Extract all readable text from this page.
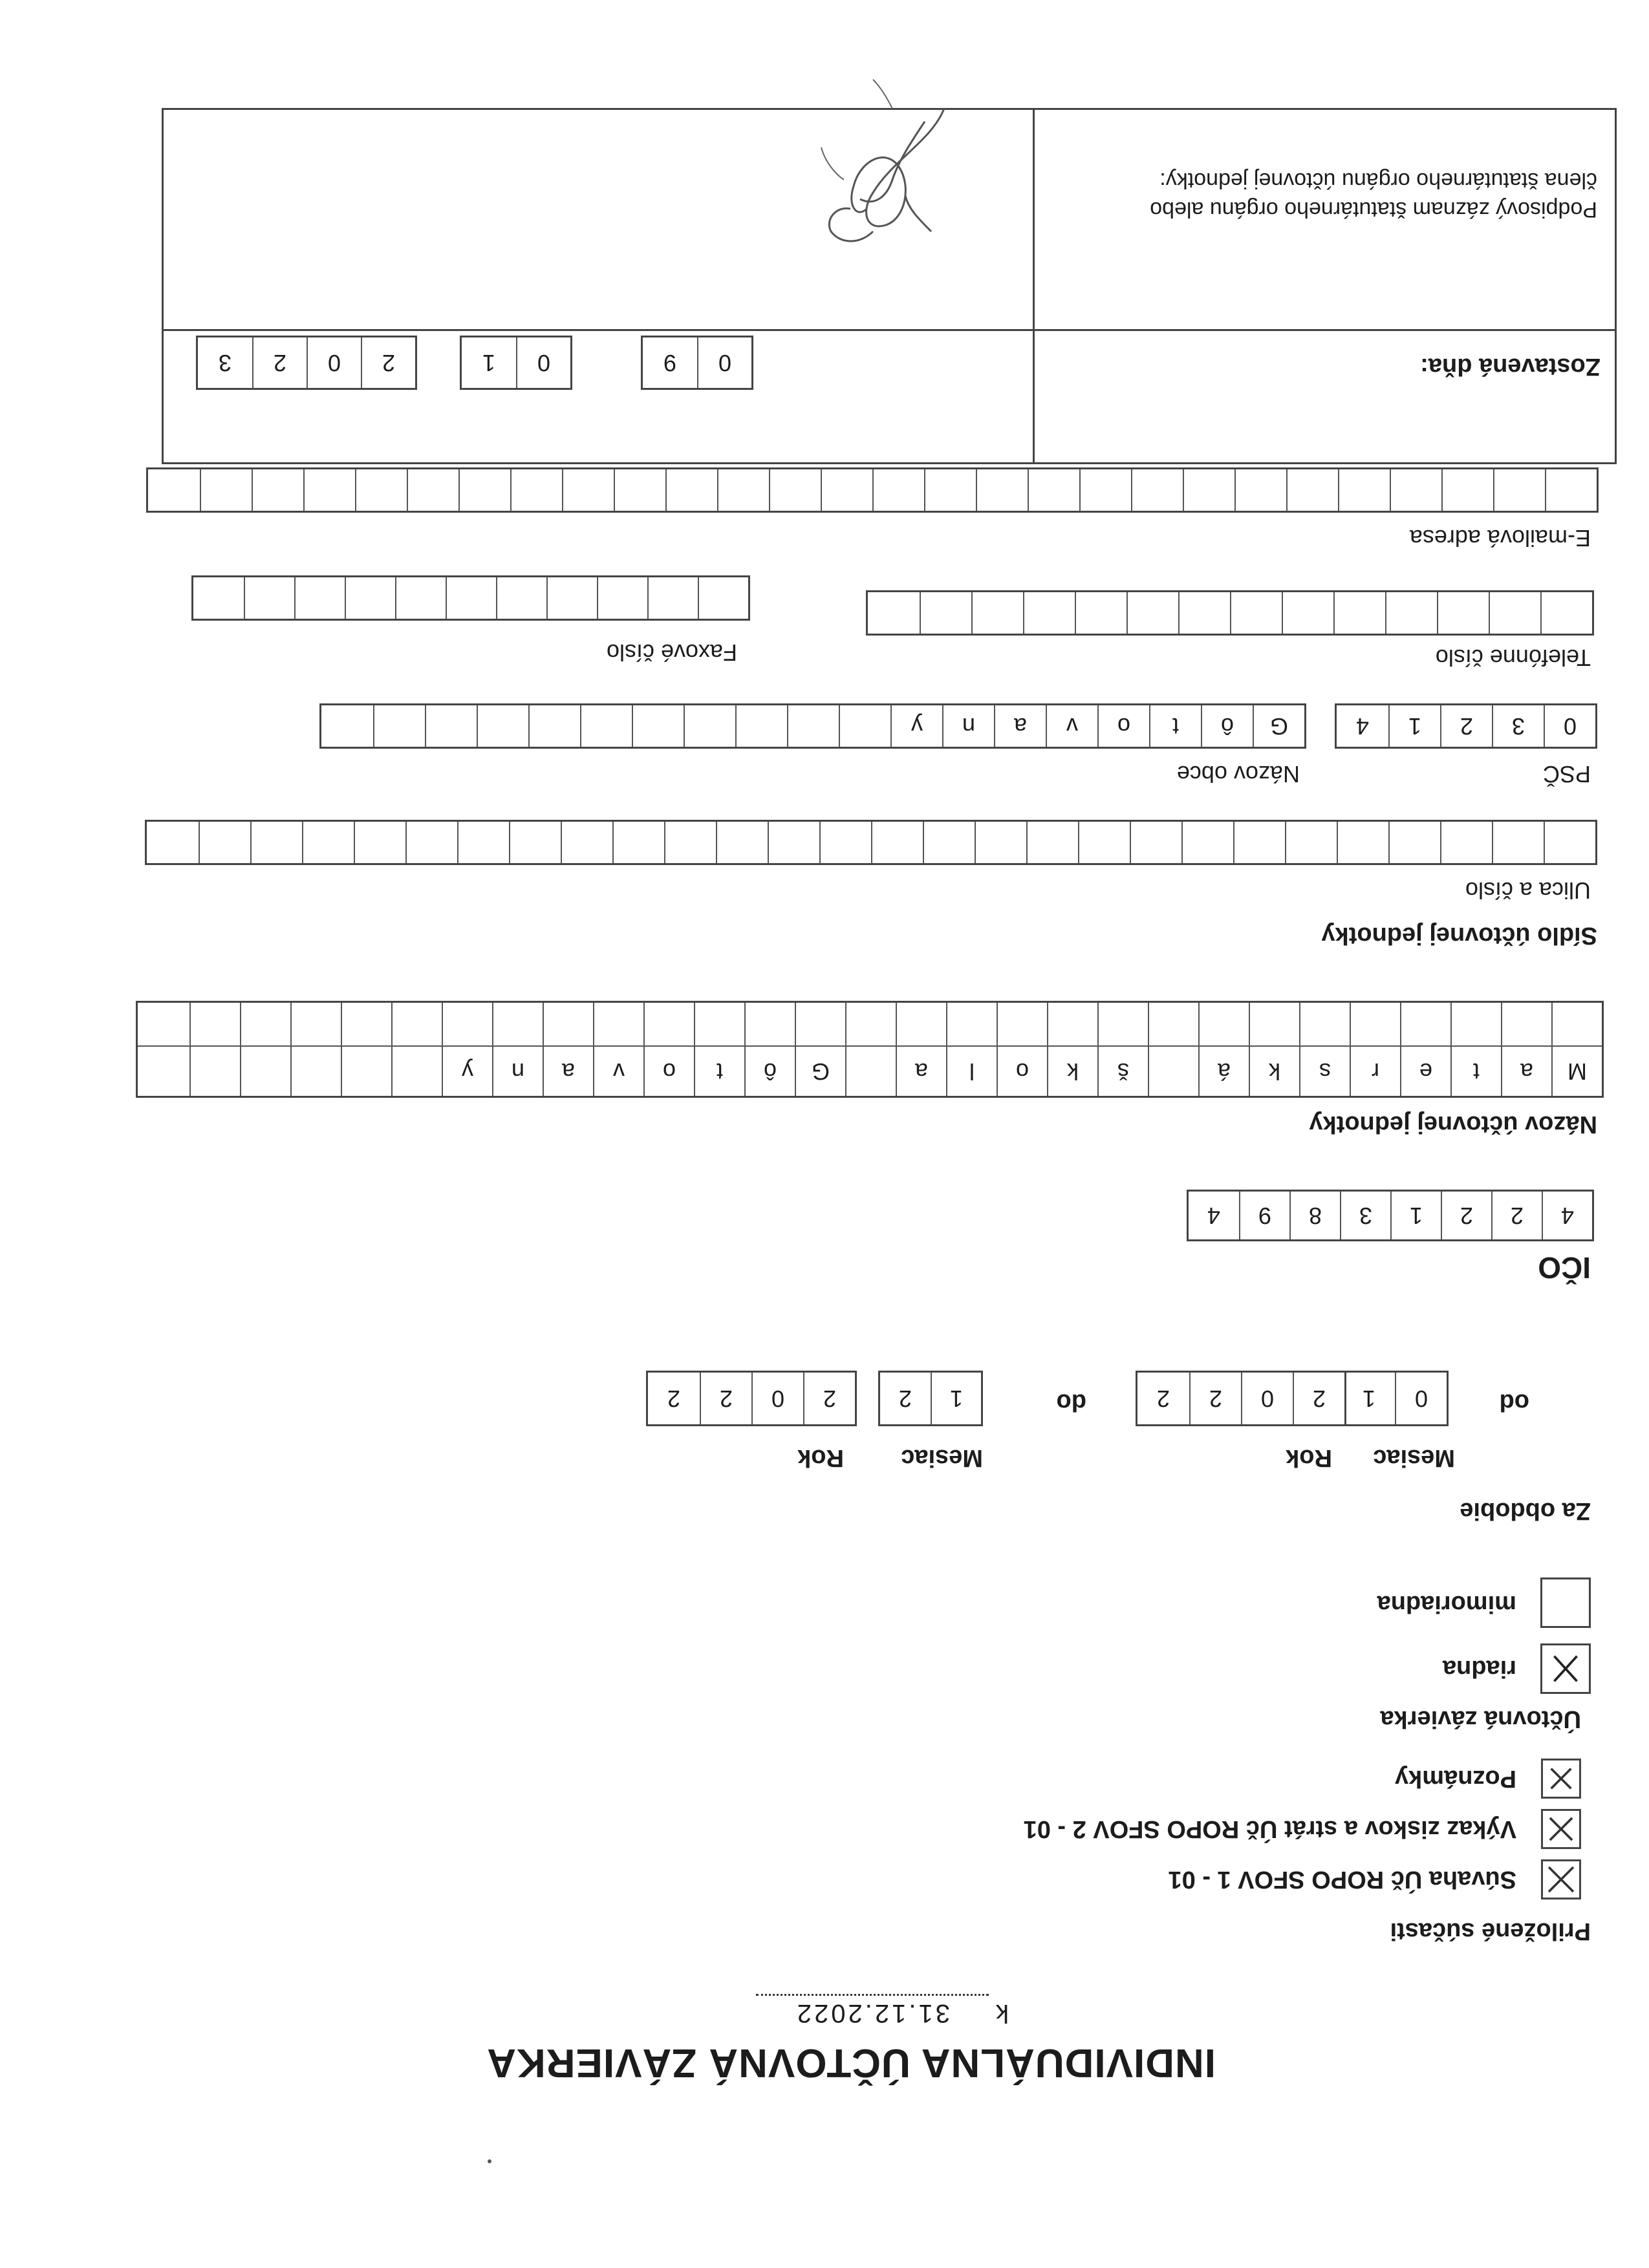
INDIVIDUÁLNA ÚČTOVNÁ ZÁVIERKA
k 31.12.2022
Priložené súčasti
Súvaha Úč ROPO SFOV 1 - 01
Výkaz ziskov a strát Úč ROPO SFOV 2 - 01
Poznámky
Účtovná závierka
riadna
mimoriadna
Za obdobie
Mesiac
Rok
Mesiac
Rok
od
0
1
2
0
2
2
do
1
2
2
0
2
2
IČO
4
2
2
1
3
8
9
4
Názov účtovnej jednotky
M
a
t
e
r
s
k
á
š
k
o
l
a
G
ô
t
o
v
a
n
y
Sídlo účtovnej jednotky
Ulica a číslo
PSČ
Názov obce
0
3
2
1
4
G
ô
t
o
v
a
n
y
Telefónne číslo
Faxové číslo
E-mailová adresa
Zostavená dňa:
0
9
0
1
2
0
2
3
Podpisový záznam štatutárneho orgánu alebo
člena štatutárneho orgánu účtovnej jednotky:
